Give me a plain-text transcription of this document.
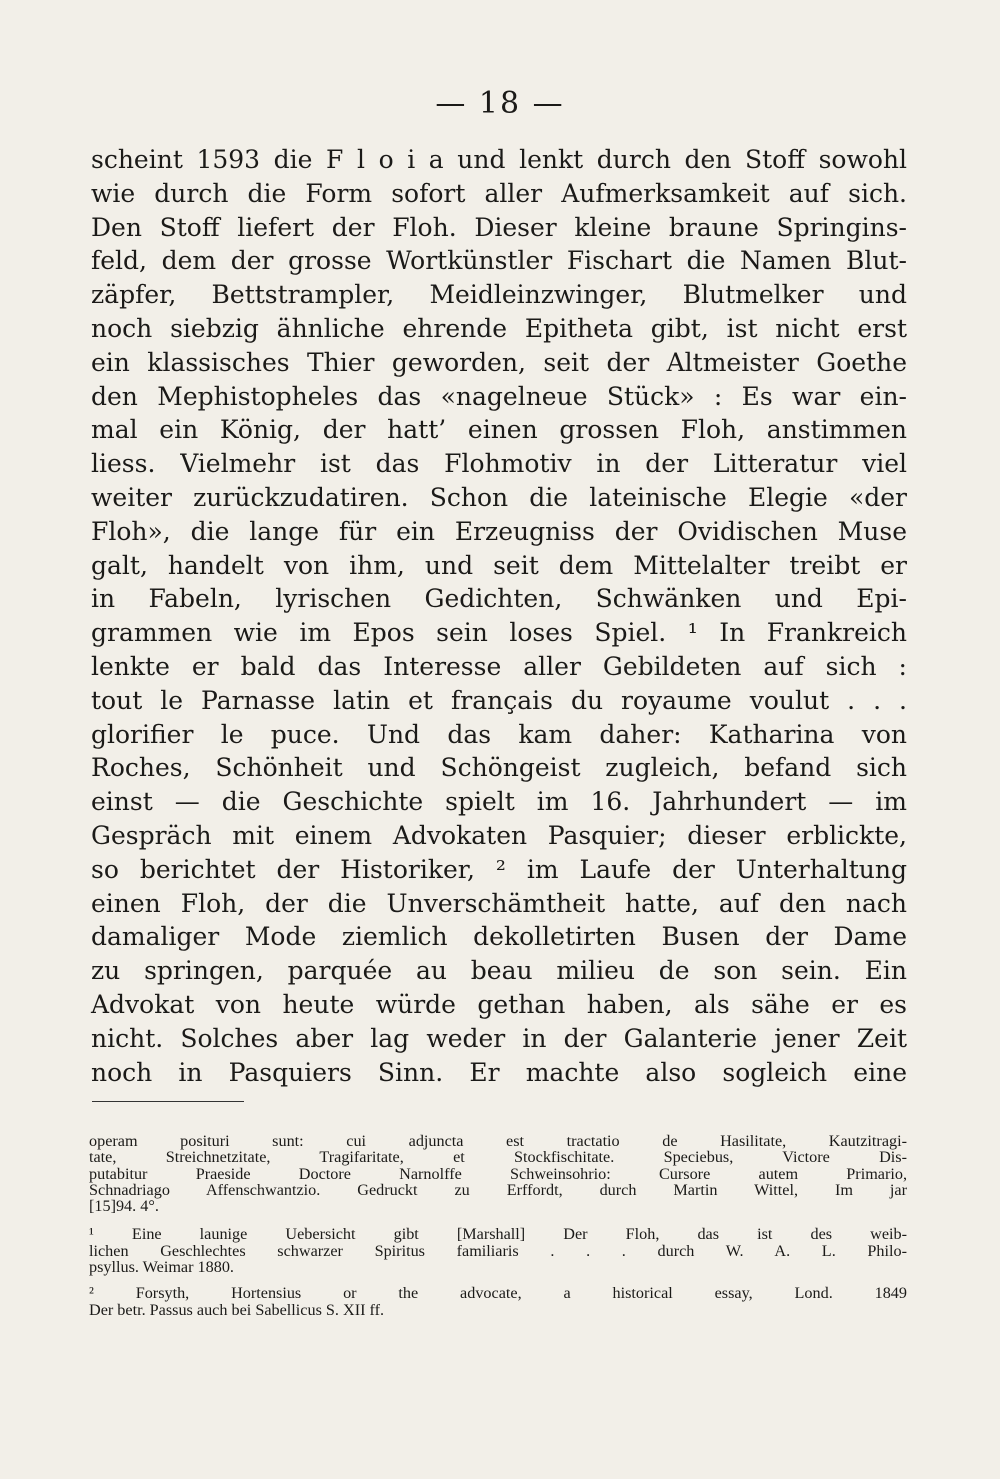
— 18 —
scheint 1593 die F l o i a und lenkt durch den Stoff sowohl
wie durch die Form sofort aller Aufmerksamkeit auf sich.
Den Stoff liefert der Floh. Dieser kleine braune Springins-
feld, dem der grosse Wortkünstler Fischart die Namen Blut-
zäpfer, Bettstrampler, Meidleinzwinger, Blutmelker und
noch siebzig ähnliche ehrende Epitheta gibt, ist nicht erst
ein klassisches Thier geworden, seit der Altmeister Goethe
den Mephistopheles das «nagelneue Stück» : Es war ein-
mal ein König, der hatt’ einen grossen Floh, anstimmen
liess. Vielmehr ist das Flohmotiv in der Litteratur viel
weiter zurückzudatiren. Schon die lateinische Elegie «der
Floh», die lange für ein Erzeugniss der Ovidischen Muse
galt, handelt von ihm, und seit dem Mittelalter treibt er
in Fabeln, lyrischen Gedichten, Schwänken und Epi-
grammen wie im Epos sein loses Spiel. ¹ In Frankreich
lenkte er bald das Interesse aller Gebildeten auf sich :
tout le Parnasse latin et français du royaume voulut . . .
glorifier le puce. Und das kam daher: Katharina von
Roches, Schönheit und Schöngeist zugleich, befand sich
einst — die Geschichte spielt im 16. Jahrhundert — im
Gespräch mit einem Advokaten Pasquier; dieser erblickte,
so berichtet der Historiker, ² im Laufe der Unterhaltung
einen Floh, der die Unverschämtheit hatte, auf den nach
damaliger Mode ziemlich dekolletirten Busen der Dame
zu springen, parquée au beau milieu de son sein. Ein
Advokat von heute würde gethan haben, als sähe er es
nicht. Solches aber lag weder in der Galanterie jener Zeit
noch in Pasquiers Sinn. Er machte also sogleich eine
operam posituri sunt: cui adjuncta est tractatio de Hasilitate, Kautzitragi-
tate, Streichnetzitate, Tragifaritate, et Stockfischitate. Speciebus, Victore Dis-
putabitur Praeside Doctore Narnolffe Schweinsohrio: Cursore autem Primario,
Schnadriago Affenschwantzio. Gedruckt zu Erffordt, durch Martin Wittel, Im jar
[15]94. 4°.
¹ Eine launige Uebersicht gibt [Marshall] Der Floh, das ist des weib-
lichen Geschlechtes schwarzer Spiritus familiaris . . . durch W. A. L. Philo-
psyllus. Weimar 1880.
² Forsyth, Hortensius or the advocate, a historical essay, Lond. 1849
Der betr. Passus auch bei Sabellicus S. XII ff.
